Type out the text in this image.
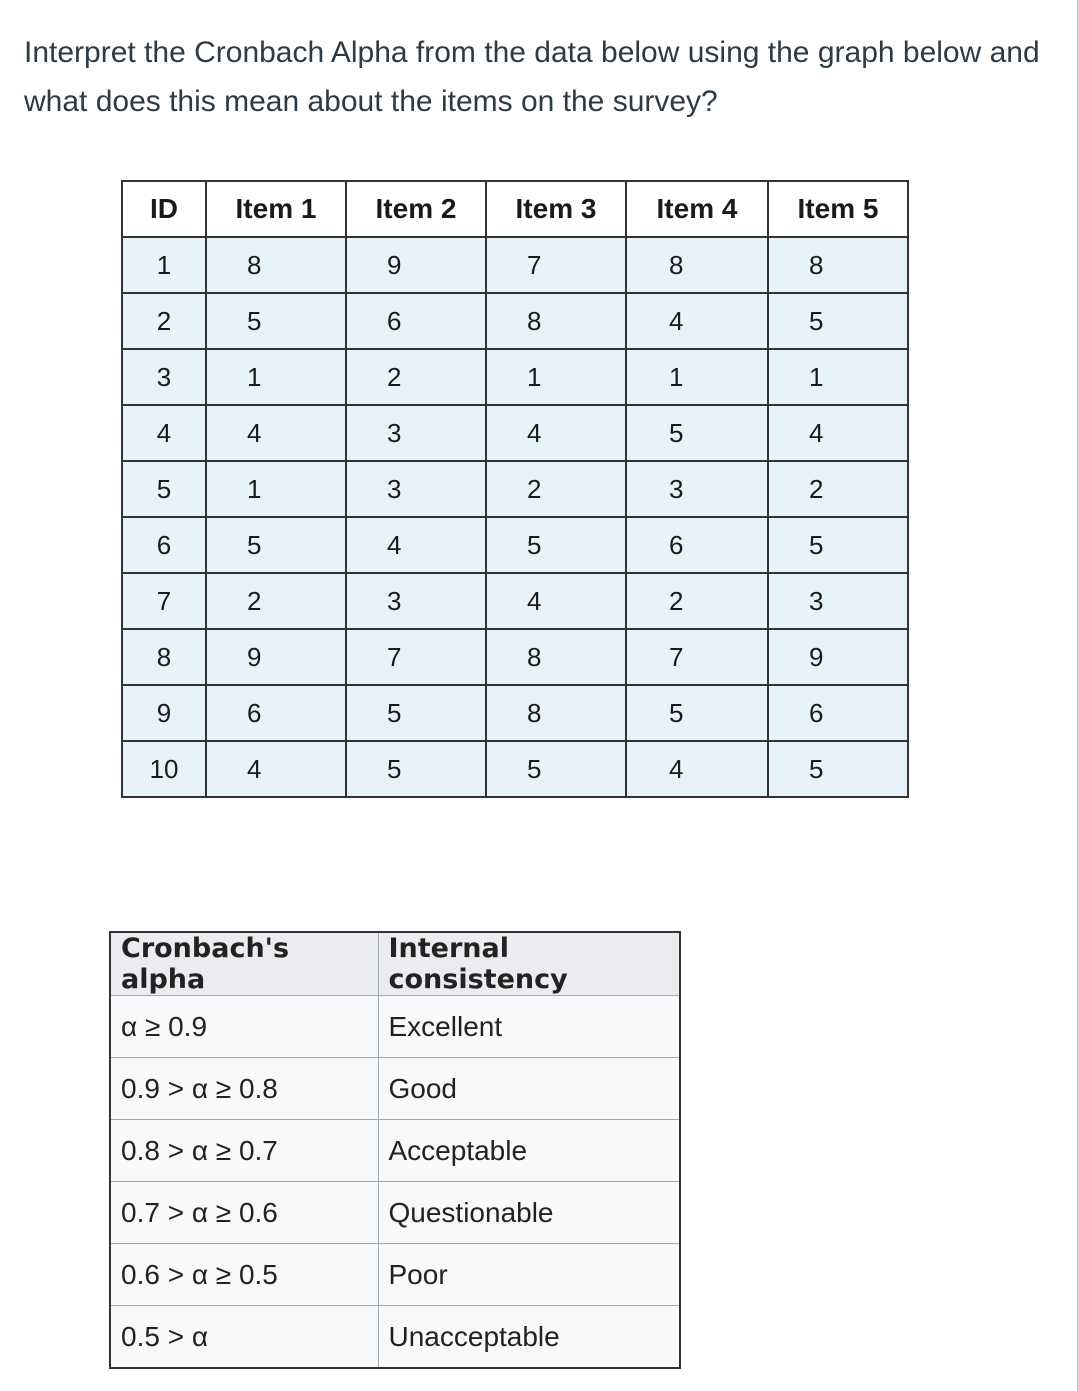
Interpret the Cronbach Alpha from the data below using the graph below and what does this mean about the items on the survey?
ID	Item 1	Item 2	Item 3	Item 4	Item 5
1	8	9	7	8	8
2	5	6	8	4	5
3	1	2	1	1	1
4	4	3	4	5	4
5	1	3	2	3	2
6	5	4	5	6	5
7	2	3	4	2	3
8	9	7	8	7	9
9	6	5	8	5	6
10	4	5	5	4	5
Cronbach's alpha	Internal consistency
α ≥ 0.9	Excellent
0.9 > α ≥ 0.8	Good
0.8 > α ≥ 0.7	Acceptable
0.7 > α ≥ 0.6	Questionable
0.6 > α ≥ 0.5	Poor
0.5 > α	Unacceptable
